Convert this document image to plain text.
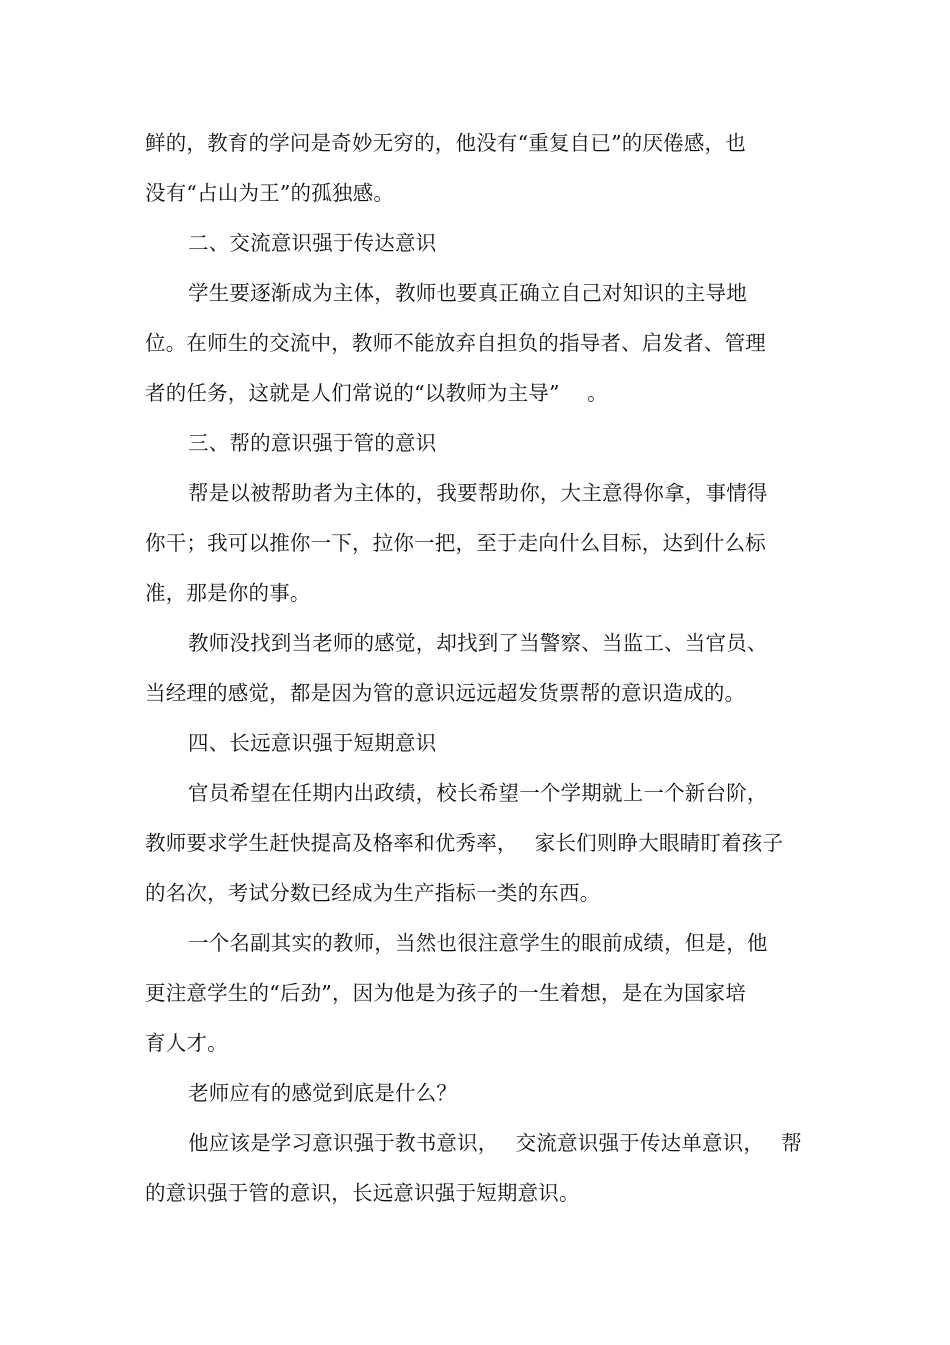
鲜的，教育的学问是奇妙无穷的，他没有“重复自已”的厌倦感，也
没有“占山为王”的孤独感。
二、交流意识强于传达意识
学生要逐渐成为主体，教师也要真正确立自己对知识的主导地
位。在师生的交流中，教师不能放弃自担负的指导者、启发者、管理
者的任务，这就是人们常说的“以教师为主导”　 。
三、帮的意识强于管的意识
帮是以被帮助者为主体的，我要帮助你，大主意得你拿，事情得
你干；我可以推你一下，拉你一把，至于走向什么目标，达到什么标
准，那是你的事。
教师没找到当老师的感觉，却找到了当警察、当监工、当官员、
当经理的感觉，都是因为管的意识远远超发货票帮的意识造成的。
四、长远意识强于短期意识
官员希望在任期内出政绩，校长希望一个学期就上一个新台阶，
教师要求学生赶快提高及格率和优秀率，　 家长们则睁大眼睛盯着孩子
的名次，考试分数已经成为生产指标一类的东西。
一个名副其实的教师，当然也很注意学生的眼前成绩，但是，他
更注意学生的“后劲”，因为他是为孩子的一生着想，是在为国家培
育人才。
老师应有的感觉到底是什么？
他应该是学习意识强于教书意识，　 交流意识强于传达单意识，　 帮
的意识强于管的意识，长远意识强于短期意识。
